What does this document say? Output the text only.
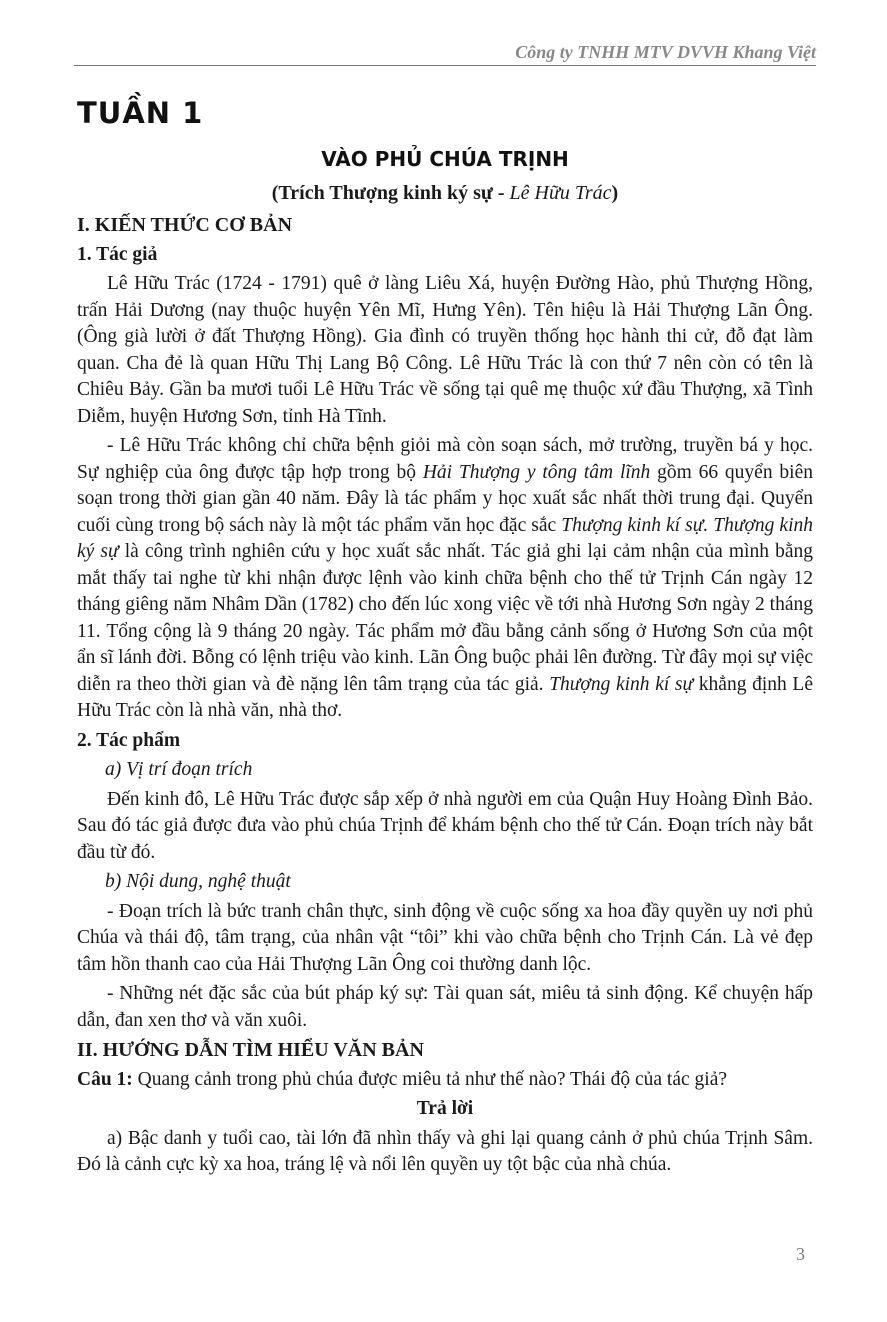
Công ty TNHH MTV DVVH Khang Việt
TUẦN 1
VÀO PHỦ CHÚA TRỊNH
(Trích Thượng kinh ký sự - Lê Hữu Trác)
I. KIẾN THỨC CƠ BẢN
1. Tác giả

Lê Hữu Trác (1724 - 1791) quê ở làng Liêu Xá, huyện Đường Hào, phủ Thượng Hồng, trấn Hải Dương (nay thuộc huyện Yên Mĩ, Hưng Yên). Tên hiệu là Hải Thượng Lãn Ông. (Ông già lười ở đất Thượng Hồng). Gia đình có truyền thống học hành thi cử, đỗ đạt làm quan. Cha đẻ là quan Hữu Thị Lang Bộ Công. Lê Hữu Trác là con thứ 7 nên còn có tên là Chiêu Bảy. Gần ba mươi tuổi Lê Hữu Trác về sống tại quê mẹ thuộc xứ đầu Thượng, xã Tình Diễm, huyện Hương Sơn, tỉnh Hà Tĩnh.

- Lê Hữu Trác không chỉ chữa bệnh giỏi mà còn soạn sách, mở trường, truyền bá y học. Sự nghiệp của ông được tập hợp trong bộ Hải Thượng y tông tâm lĩnh gồm 66 quyển biên soạn trong thời gian gần 40 năm. Đây là tác phẩm y học xuất sắc nhất thời trung đại. Quyển cuối cùng trong bộ sách này là một tác phẩm văn học đặc sắc Thượng kinh kí sự. Thượng kinh ký sự là công trình nghiên cứu y học xuất sắc nhất. Tác giả ghi lại cảm nhận của mình bằng mắt thấy tai nghe từ khi nhận được lệnh vào kinh chữa bệnh cho thế tử Trịnh Cán ngày 12 tháng giêng năm Nhâm Dần (1782) cho đến lúc xong việc về tới nhà Hương Sơn ngày 2 tháng 11. Tổng cộng là 9 tháng 20 ngày. Tác phẩm mở đầu bằng cảnh sống ở Hương Sơn của một ẩn sĩ lánh đời. Bỗng có lệnh triệu vào kinh. Lãn Ông buộc phải lên đường. Từ đây mọi sự việc diễn ra theo thời gian và đè nặng lên tâm trạng của tác giả. Thượng kinh kí sự khẳng định Lê Hữu Trác còn là nhà văn, nhà thơ.

2. Tác phẩm
a) Vị trí đoạn trích

Đến kinh đô, Lê Hữu Trác được sắp xếp ở nhà người em của Quận Huy Hoàng Đình Bảo. Sau đó tác giả được đưa vào phủ chúa Trịnh để khám bệnh cho thế tử Cán. Đoạn trích này bắt đầu từ đó.

b) Nội dung, nghệ thuật

- Đoạn trích là bức tranh chân thực, sinh động về cuộc sống xa hoa đầy quyền uy nơi phủ Chúa và thái độ, tâm trạng, của nhân vật “tôi” khi vào chữa bệnh cho Trịnh Cán. Là vẻ đẹp tâm hồn thanh cao của Hải Thượng Lãn Ông coi thường danh lộc.

- Những nét đặc sắc của bút pháp ký sự: Tài quan sát, miêu tả sinh động. Kể chuyện hấp dẫn, đan xen thơ và văn xuôi.

II. HƯỚNG DẪN TÌM HIỂU VĂN BẢN

Câu 1: Quang cảnh trong phủ chúa được miêu tả như thế nào? Thái độ của tác giả?

Trả lời

a) Bậc danh y tuổi cao, tài lớn đã nhìn thấy và ghi lại quang cảnh ở phủ chúa Trịnh Sâm. Đó là cảnh cực kỳ xa hoa, tráng lệ và nổi lên quyền uy tột bậc của nhà chúa.

3
